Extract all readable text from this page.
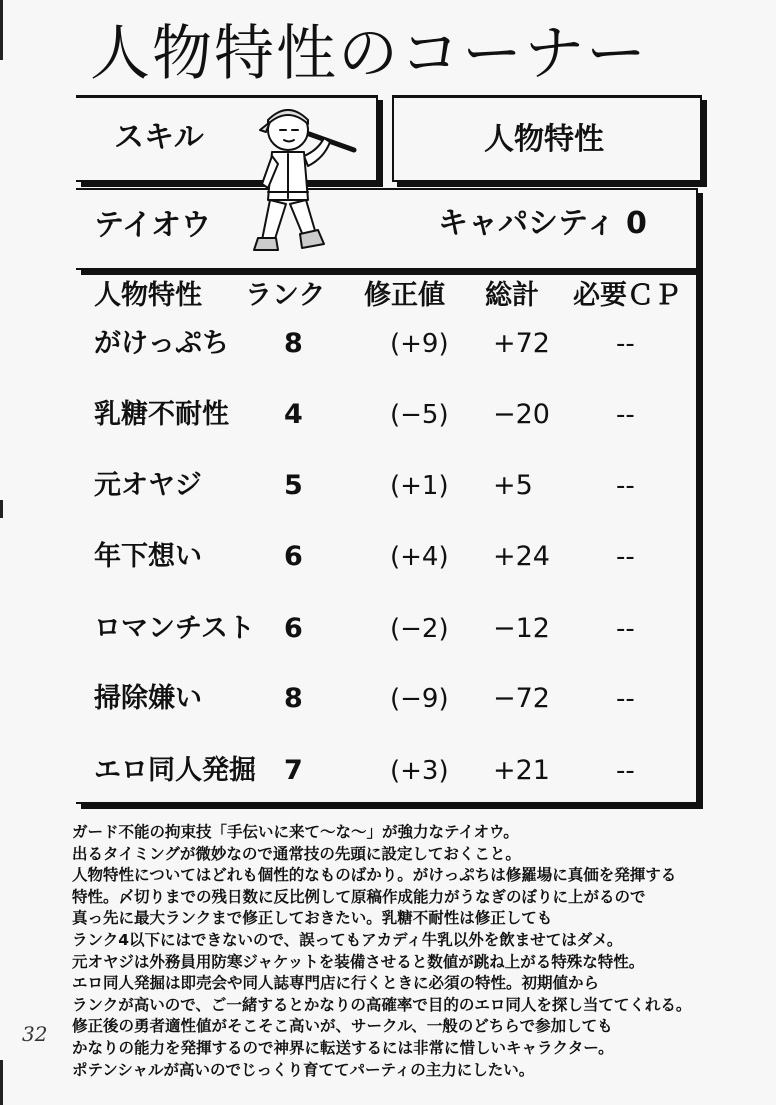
人物特性のコーナー
スキル	人物特性
テイオウ	キャパシティ 0
人物特性 ランク 修正値 総計 必要ＣＰ
がけっぷち 8	(+9) +72	--
乳糖不耐性 4	(−5) −20	--
元オヤジ	5	(+1) +5	--
年下想い	6	(+4) +24	--
ロマンチスト 6	(−2) −12	--
掃除嫌い	8	(−9) −72	--
エロ同人発掘 7	(+3) +21	--
ガード不能の拘束技「手伝いに来て〜な〜」が強力なテイオウ。
出るタイミングが微妙なので通常技の先頭に設定しておくこと。
人物特性についてはどれも個性的なものばかり。がけっぷちは修羅場に真価を発揮する
特性。〆切りまでの残日数に反比例して原稿作成能力がうなぎのぼりに上がるので
真っ先に最大ランクまで修正しておきたい。乳糖不耐性は修正しても
ランク4以下にはできないので、誤ってもアカディ牛乳以外を飲ませてはダメ。
元オヤジは外務員用防寒ジャケットを装備させると数値が跳ね上がる特殊な特性。
エロ同人発掘は即売会や同人誌専門店に行くときに必須の特性。初期値から
ランクが高いので、ご一緒するとかなりの高確率で目的のエロ同人を探し当ててくれる。
修正後の勇者適性値がそこそこ高いが、サークル、一般のどちらで参加しても
かなりの能力を発揮するので神界に転送するには非常に惜しいキャラクター。
ポテンシャルが高いのでじっくり育ててパーティの主力にしたい。
32
